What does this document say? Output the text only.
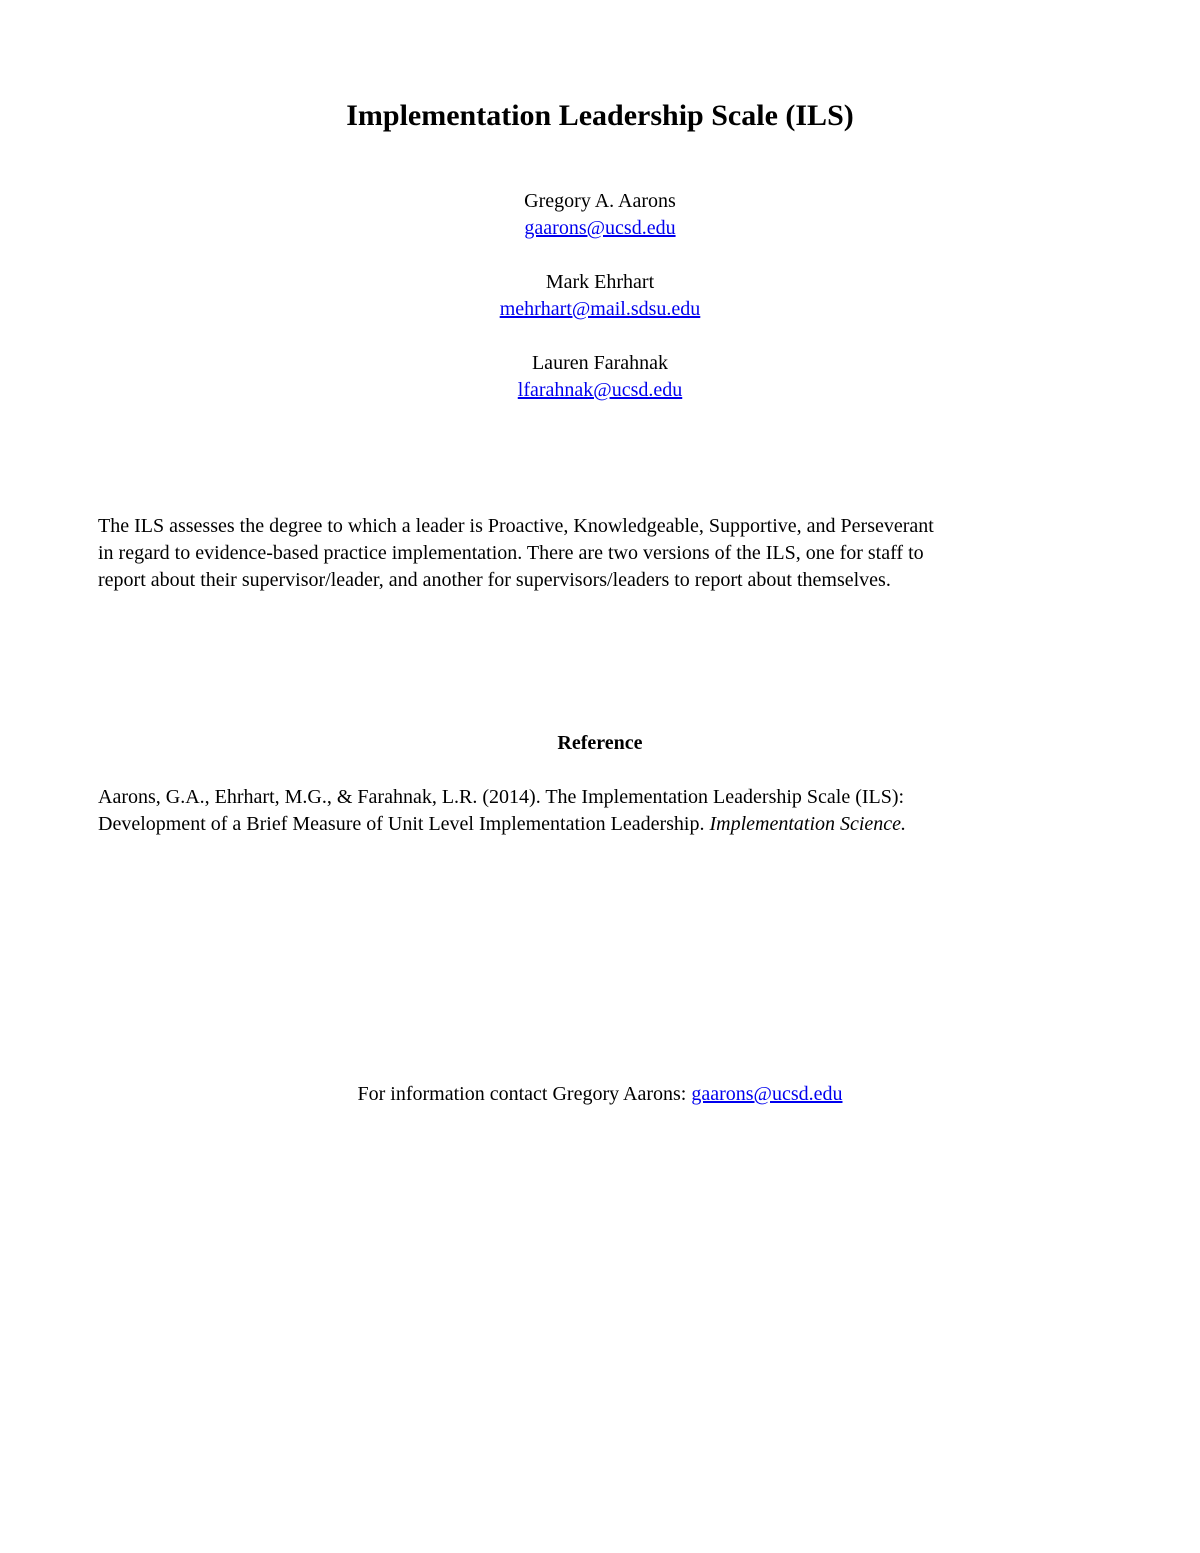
Implementation Leadership Scale (ILS)
Gregory A. Aarons
gaarons@ucsd.edu
Mark Ehrhart
mehrhart@mail.sdsu.edu
Lauren Farahnak
lfarahnak@ucsd.edu

The ILS assesses the degree to which a leader is Proactive, Knowledgeable, Supportive, and Perseverant
in regard to evidence-based practice implementation. There are two versions of the ILS, one for staff to
report about their supervisor/leader, and another for supervisors/leaders to report about themselves.

Reference

Aarons, G.A., Ehrhart, M.G., & Farahnak, L.R. (2014). The Implementation Leadership Scale (ILS):
Development of a Brief Measure of Unit Level Implementation Leadership. Implementation Science.

For information contact Gregory Aarons: gaarons@ucsd.edu
